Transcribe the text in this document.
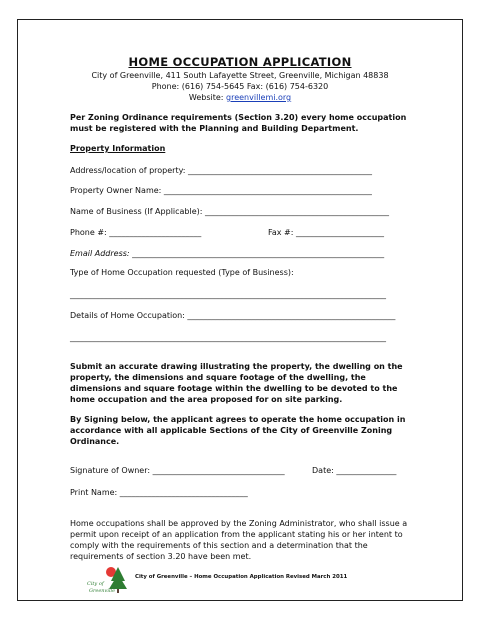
HOME OCCUPATION APPLICATION
City of Greenville, 411 South Lafayette Street, Greenville, Michigan 48838
Phone: (616) 754-5645 Fax: (616) 754-6320
Website: greenvillemi.org
Per Zoning Ordinance requirements (Section 3.20) every home occupation must be registered with the Planning and Building Department.
Property Information
Address/location of property: ______________________________________________
Property Owner Name: ____________________________________________________
Name of Business (If Applicable): ______________________________________________
Phone #: _______________________	Fax #: ______________________
Email Address: _______________________________________________________________
Type of Home Occupation requested (Type of Business):
_______________________________________________________________________________
Details of Home Occupation: ____________________________________________________
_______________________________________________________________________________
Submit an accurate drawing illustrating the property, the dwelling on the property, the dimensions and square footage of the dwelling, the dimensions and square footage within the dwelling to be devoted to the home occupation and the area proposed for on site parking.
By Signing below, the applicant agrees to operate the home occupation in accordance with all applicable Sections of the City of Greenville Zoning Ordinance.
Signature of Owner: _________________________________	Date: _______________
Print Name: ________________________________
Home occupations shall be approved by the Zoning Administrator, who shall issue a permit upon receipt of an application from the applicant stating his or her intent to comply with the requirements of this section and a determination that the requirements of section 3.20 have been met.
City of
Greenville
City of Greenville – Home Occupation Application Revised March 2011
